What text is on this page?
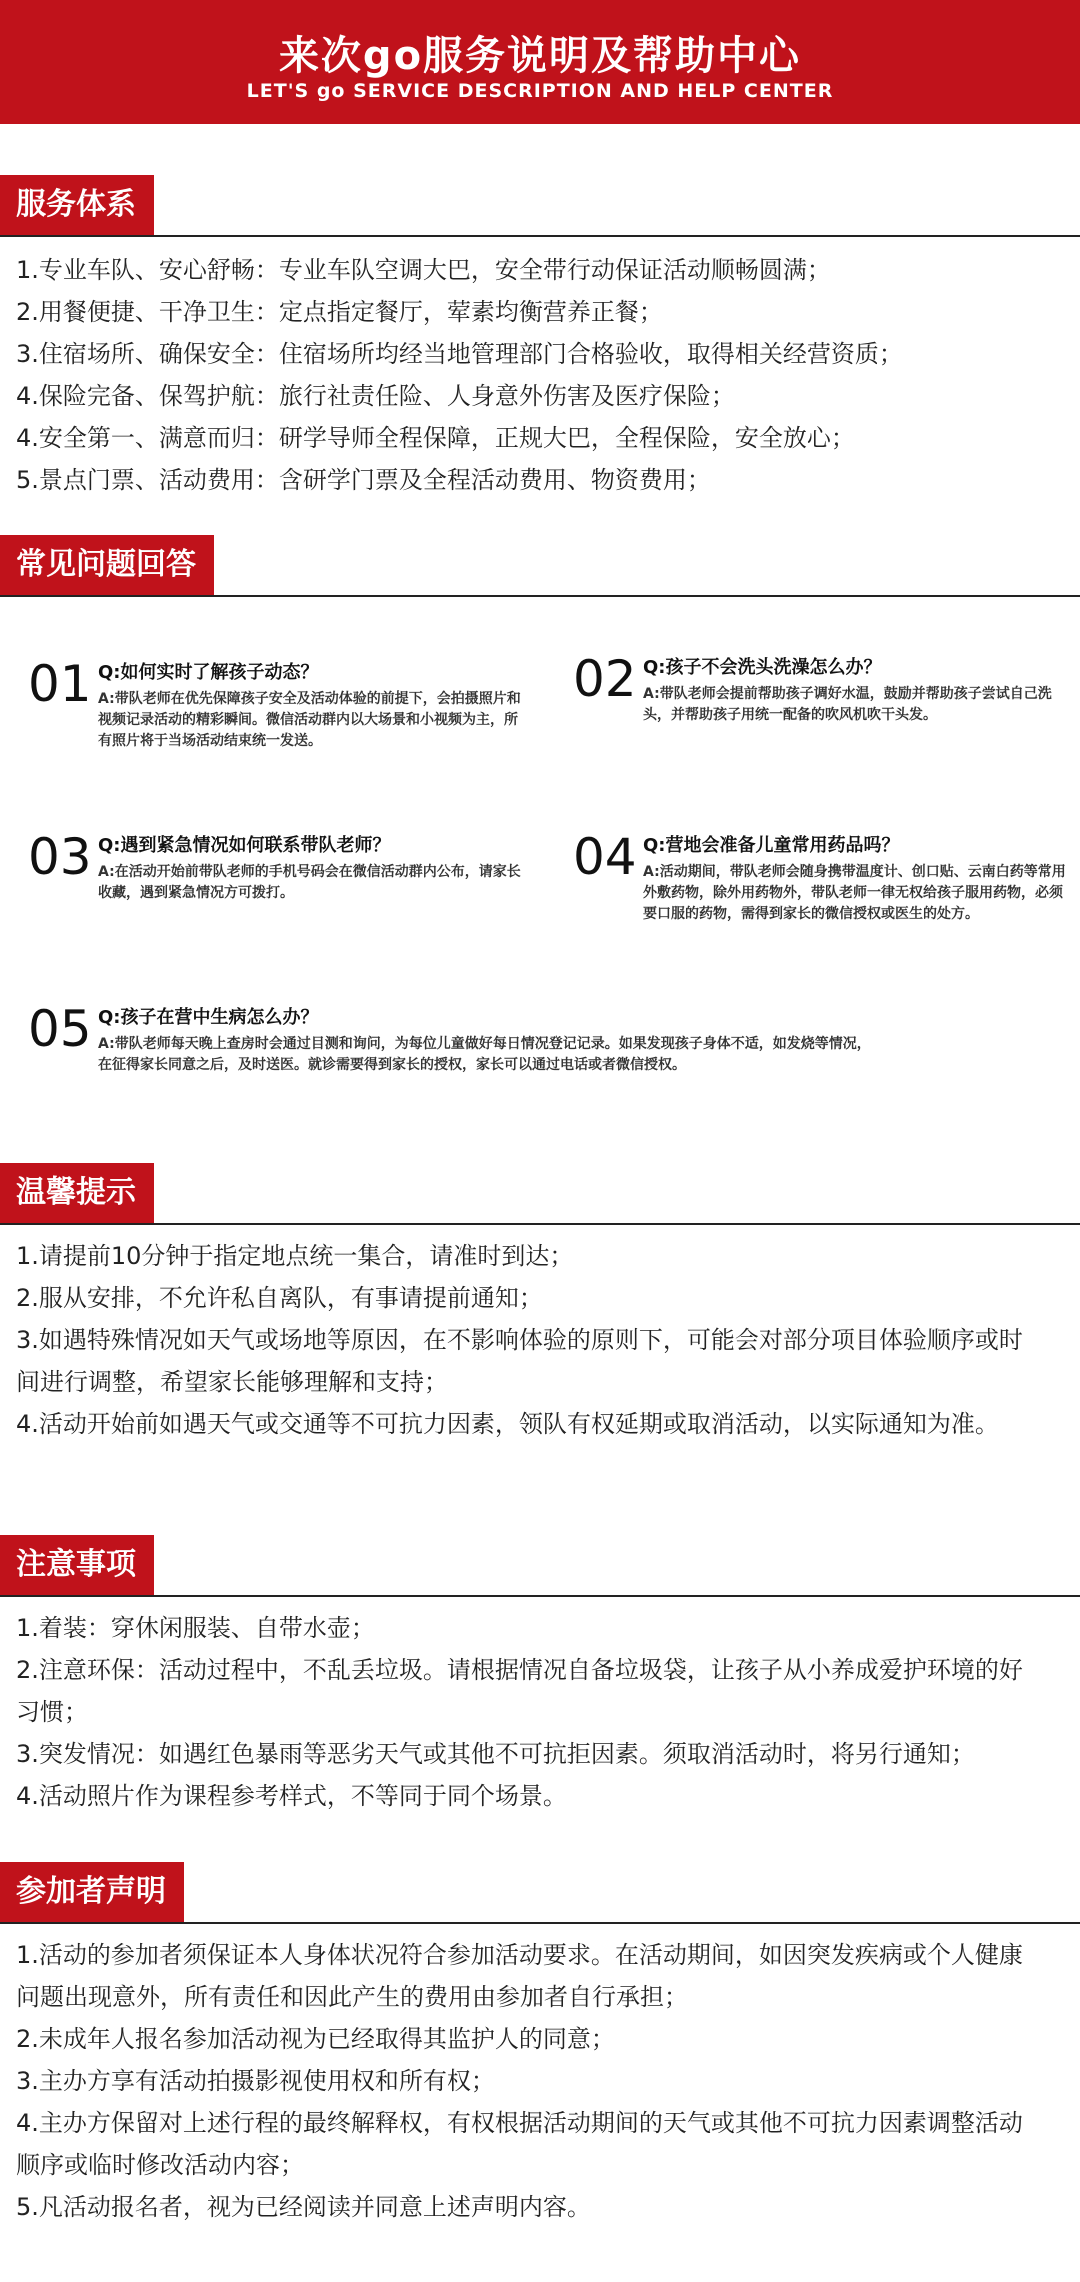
来次go服务说明及帮助中心
LET'S go SERVICE DESCRIPTION AND HELP CENTER
服务体系
1.专业车队、安心舒畅：专业车队空调大巴，安全带行动保证活动顺畅圆满；
2.用餐便捷、干净卫生：定点指定餐厅，荤素均衡营养正餐；
3.住宿场所、确保安全：住宿场所均经当地管理部门合格验收，取得相关经营资质；
4.保险完备、保驾护航：旅行社责任险、人身意外伤害及医疗保险；
4.安全第一、满意而归：研学导师全程保障，正规大巴，全程保险，安全放心；
5.景点门票、活动费用：含研学门票及全程活动费用、物资费用；
常见问题回答
01 Q:如何实时了解孩子动态？
A:带队老师在优先保障孩子安全及活动体验的前提下，会拍摄照片和视频记录活动的精彩瞬间。微信活动群内以大场景和小视频为主，所有照片将于当场活动结束统一发送。
02 Q:孩子不会洗头洗澡怎么办？
A:带队老师会提前帮助孩子调好水温，鼓励并帮助孩子尝试自己洗头，并帮助孩子用统一配备的吹风机吹干头发。
03 Q:遇到紧急情况如何联系带队老师？
A:在活动开始前带队老师的手机号码会在微信活动群内公布，请家长收藏，遇到紧急情况方可拨打。
04 Q:营地会准备儿童常用药品吗？
A:活动期间，带队老师会随身携带温度计、创口贴、云南白药等常用外敷药物，除外用药物外，带队老师一律无权给孩子服用药物，必须要口服的药物，需得到家长的微信授权或医生的处方。
05 Q:孩子在营中生病怎么办？
A:带队老师每天晚上查房时会通过目测和询问，为每位儿童做好每日情况登记记录。如果发现孩子身体不适，如发烧等情况，在征得家长同意之后，及时送医。就诊需要得到家长的授权，家长可以通过电话或者微信授权。
温馨提示
1.请提前10分钟于指定地点统一集合，请准时到达；
2.服从安排，不允许私自离队，有事请提前通知；
3.如遇特殊情况如天气或场地等原因，在不影响体验的原则下，可能会对部分项目体验顺序或时间进行调整，希望家长能够理解和支持；
4.活动开始前如遇天气或交通等不可抗力因素，领队有权延期或取消活动，以实际通知为准。
注意事项
1.着装：穿休闲服装、自带水壶；
2.注意环保：活动过程中，不乱丢垃圾。请根据情况自备垃圾袋，让孩子从小养成爱护环境的好习惯；
3.突发情况：如遇红色暴雨等恶劣天气或其他不可抗拒因素。须取消活动时，将另行通知；
4.活动照片作为课程参考样式，不等同于同个场景。
参加者声明
1.活动的参加者须保证本人身体状况符合参加活动要求。在活动期间，如因突发疾病或个人健康问题出现意外，所有责任和因此产生的费用由参加者自行承担；
2.未成年人报名参加活动视为已经取得其监护人的同意；
3.主办方享有活动拍摄影视使用权和所有权；
4.主办方保留对上述行程的最终解释权，有权根据活动期间的天气或其他不可抗力因素调整活动顺序或临时修改活动内容；
5.凡活动报名者，视为已经阅读并同意上述声明内容。
